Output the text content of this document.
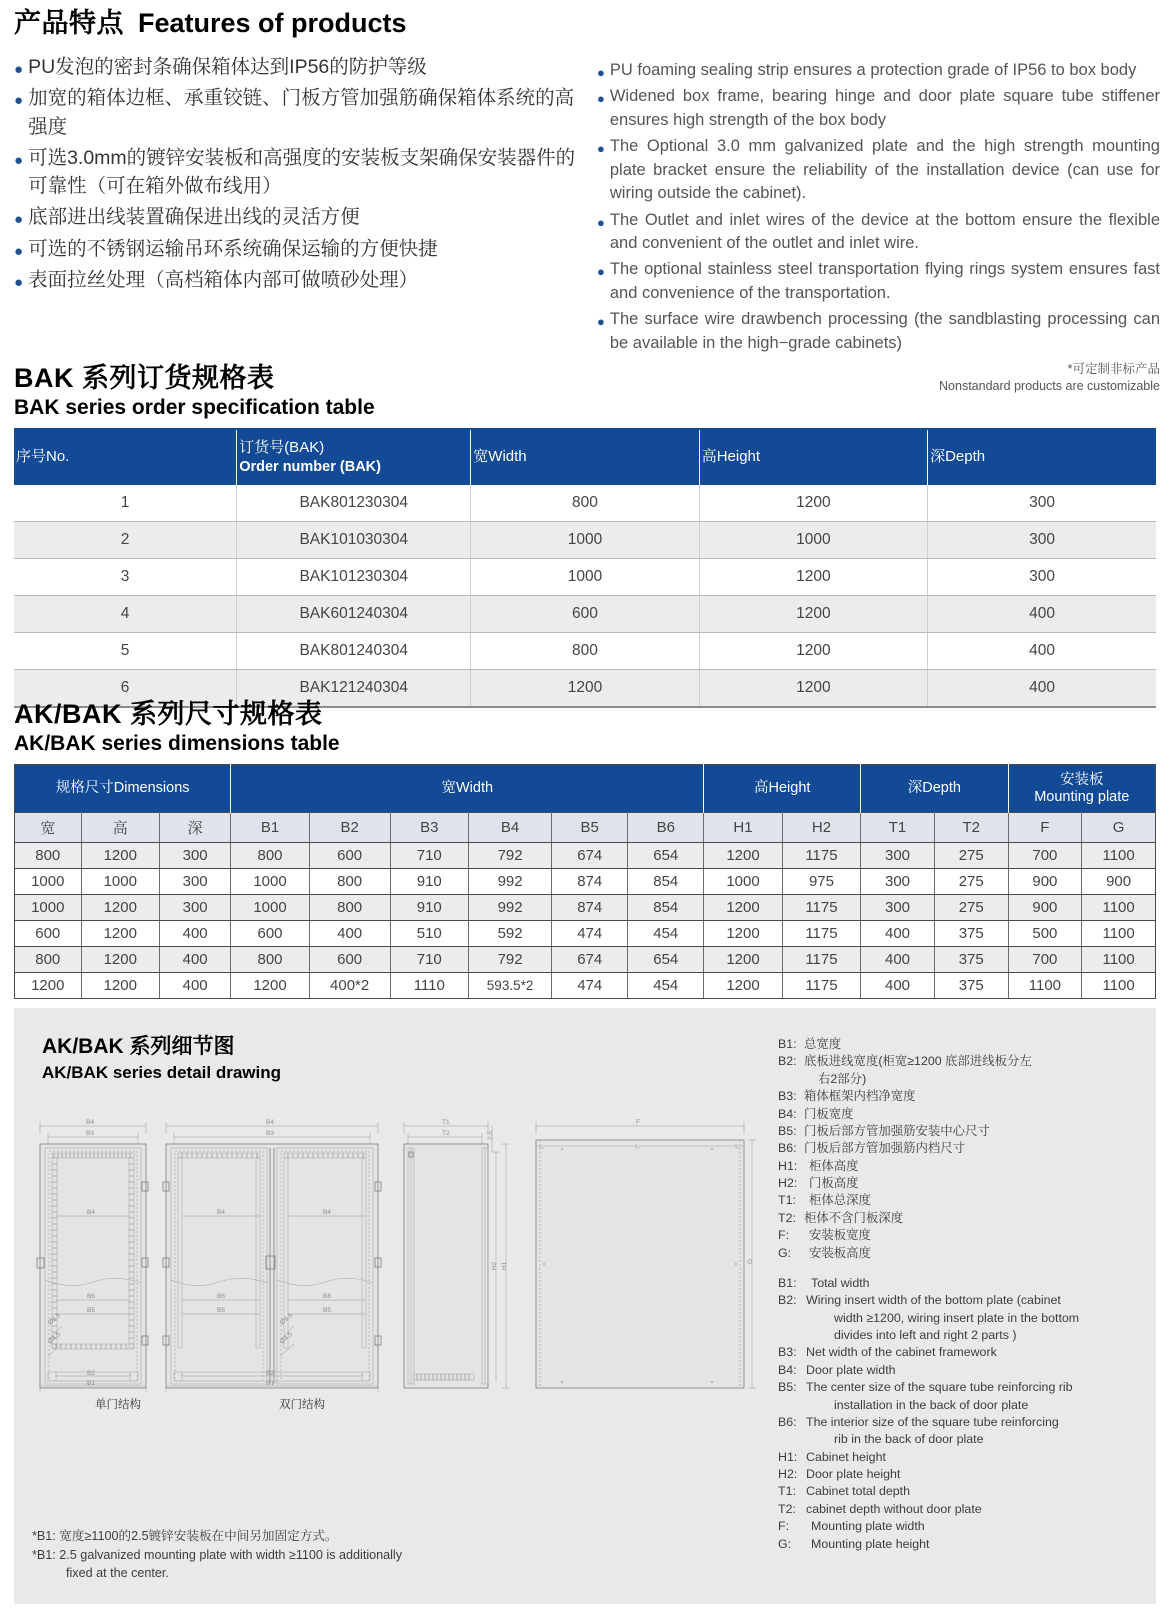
产品特点 Features of products
● PU发泡的密封条确保箱体达到IP56的防护等级
● 加宽的箱体边框、承重铰链、门板方管加强筋确保箱体系统的高强度
● 可选3.0mm的镀锌安装板和高强度的安装板支架确保安装器件的可靠性（可在箱外做布线用）
● 底部进出线装置确保进出线的灵活方便
● 可选的不锈钢运输吊环系统确保运输的方便快捷
● 表面拉丝处理（高档箱体内部可做喷砂处理）
● PU foaming sealing strip ensures a protection grade of IP56 to box body
● Widened box frame, bearing hinge and door plate square tube stiffener ensures high strength of the box body
● The Optional 3.0 mm galvanized plate and the high strength mounting plate bracket ensure the reliability of the installation device (can use for wiring outside the cabinet).
● The Outlet and inlet wires of the device at the bottom ensure the flexible and convenient of the outlet and inlet wire.
● The optional stainless steel transportation flying rings system ensures fast and convenience of the transportation.
● The surface wire drawbench processing (the sandblasting processing can be available in the high−grade cabinets)
*可定制非标产品
Nonstandard products are customizable
BAK 系列订货规格表
BAK series order specification table
序号No.	订货号(BAK)
Order number (BAK)	宽Width	高Height	深Depth
1	BAK801230304	800	1200	300
2	BAK101030304	1000	1000	300
3	BAK101230304	1000	1200	300
4	BAK601240304	600	1200	400
5	BAK801240304	800	1200	400
6	BAK121240304	1200	1200	400
AK/BAK 系列尺寸规格表
AK/BAK series dimensions table
规格尺寸Dimensions			宽Width						高Height		深Depth		安装板
Mounting plate	
宽	高	深	B1	B2	B3	B4	B5	B6	H1	H2	T1	T2	F	G
800	1200	300	800	600	710	792	674	654	1200	1175	300	275	700	1100
1000	1000	300	1000	800	910	992	874	854	1000	975	300	275	900	900
1000	1200	300	1000	800	910	992	874	854	1200	1175	300	275	900	1100
600	1200	400	600	400	510	592	474	454	1200	1175	400	375	500	1100
800	1200	400	800	600	710	792	674	654	1200	1175	400	375	700	1100
1200	1200	400	1200	400*2	1110	593.5*2	474	454	1200	1175	400	375	1100	1100
AK/BAK 系列细节图
AK/BAK series detail drawing
B4
B3
B4
B6
B5
Ø9.5
Ø4.5
B2
B1
B4
B3
B4	B4
B6
B5
B6
B5
Ø9.5
Ø4.5
B2
B1
T1
T2	2.5
H2 H1
F
G
单门结构	双门结构
B1: 总宽度
B2: 底板进线宽度(柜宽≥1200 底部进线板分左
右2部分)
B3: 箱体框架内档净宽度
B4: 门板宽度
B5: 门板后部方管加强筋安装中心尺寸
B6: 门板后部方管加强筋内档尺寸
H1: 柜体高度
H2: 门板高度
T1:	柜体总深度
T2: 柜体不含门板深度
F:	安装板宽度
G:	安装板高度
B1:	Total width
B2: Wiring insert width of the bottom plate (cabinet
width ≥1200, wiring insert plate in the bottom
divides into left and right 2 parts )
B3: Net width of the cabinet framework
B4: Door plate width
B5: The center size of the square tube reinforcing rib
installation in the back of door plate
B6: The interior size of the square tube reinforcing
rib in the back of door plate
H1: Cabinet height
H2: Door plate height
T1: Cabinet total depth
T2: cabinet depth without door plate
F:	Mounting plate width
G:	Mounting plate height
*B1: 宽度≥1100的2.5镀锌安装板在中间另加固定方式。
*B1: 2.5 galvanized mounting plate with width ≥1100 is additionally
fixed at the center.
